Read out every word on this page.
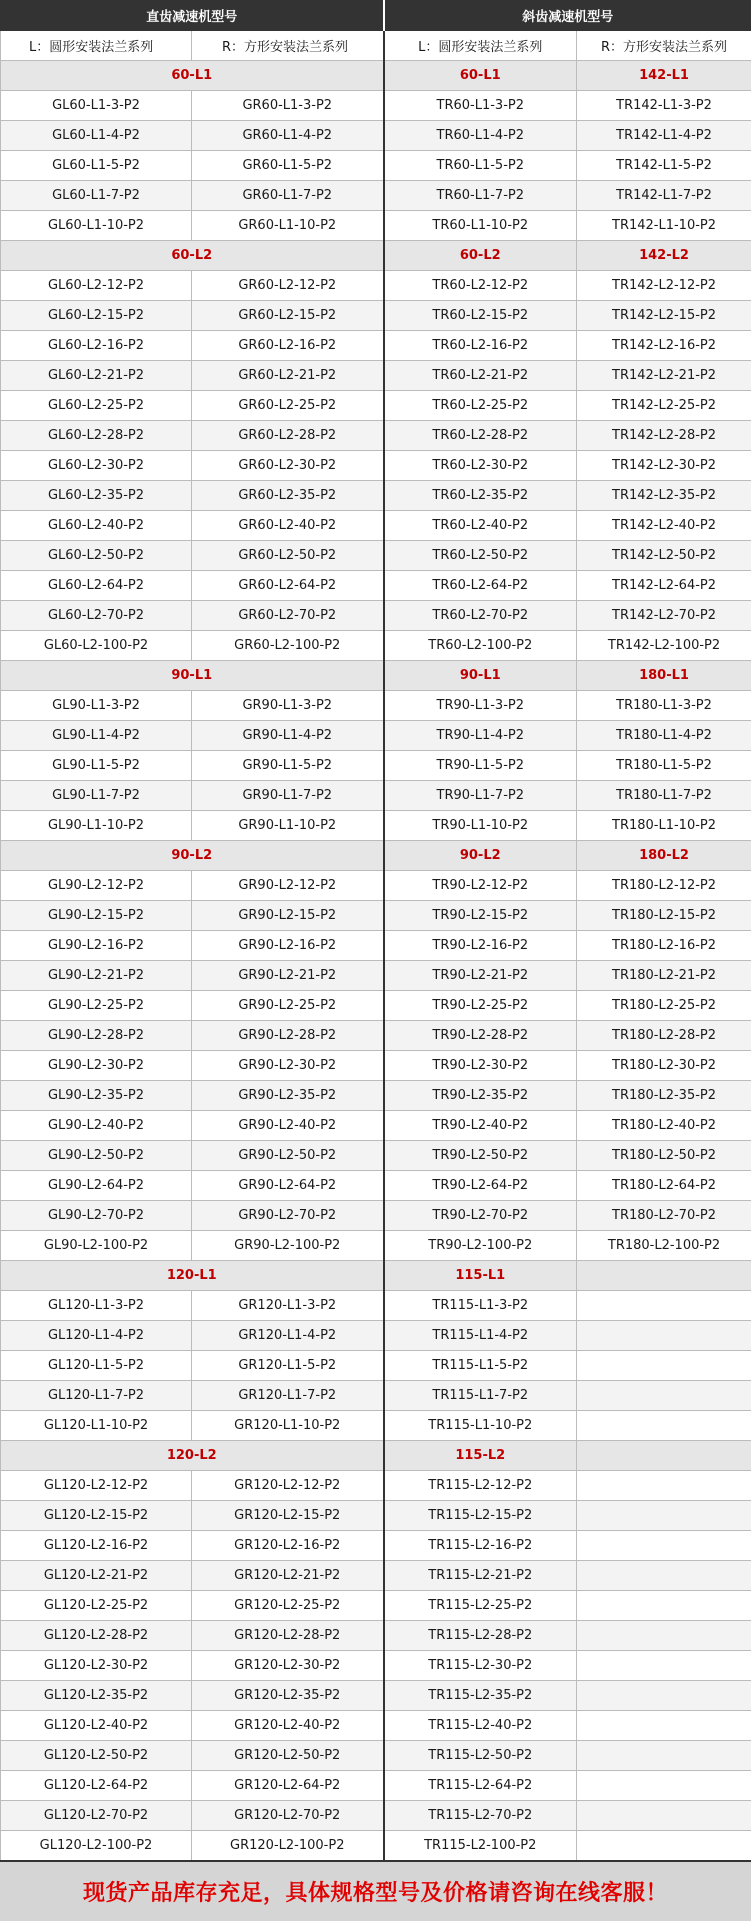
直齿减速机型号		斜齿减速机型号	
L：圆形安装法兰系列	R：方形安装法兰系列	L：圆形安装法兰系列	R：方形安装法兰系列
60-L1		60-L1	142-L1
GL60-L1-3-P2	GR60-L1-3-P2	TR60-L1-3-P2	TR142-L1-3-P2
GL60-L1-4-P2	GR60-L1-4-P2	TR60-L1-4-P2	TR142-L1-4-P2
GL60-L1-5-P2	GR60-L1-5-P2	TR60-L1-5-P2	TR142-L1-5-P2
GL60-L1-7-P2	GR60-L1-7-P2	TR60-L1-7-P2	TR142-L1-7-P2
GL60-L1-10-P2	GR60-L1-10-P2	TR60-L1-10-P2	TR142-L1-10-P2
60-L2		60-L2	142-L2
GL60-L2-12-P2	GR60-L2-12-P2	TR60-L2-12-P2	TR142-L2-12-P2
GL60-L2-15-P2	GR60-L2-15-P2	TR60-L2-15-P2	TR142-L2-15-P2
GL60-L2-16-P2	GR60-L2-16-P2	TR60-L2-16-P2	TR142-L2-16-P2
GL60-L2-21-P2	GR60-L2-21-P2	TR60-L2-21-P2	TR142-L2-21-P2
GL60-L2-25-P2	GR60-L2-25-P2	TR60-L2-25-P2	TR142-L2-25-P2
GL60-L2-28-P2	GR60-L2-28-P2	TR60-L2-28-P2	TR142-L2-28-P2
GL60-L2-30-P2	GR60-L2-30-P2	TR60-L2-30-P2	TR142-L2-30-P2
GL60-L2-35-P2	GR60-L2-35-P2	TR60-L2-35-P2	TR142-L2-35-P2
GL60-L2-40-P2	GR60-L2-40-P2	TR60-L2-40-P2	TR142-L2-40-P2
GL60-L2-50-P2	GR60-L2-50-P2	TR60-L2-50-P2	TR142-L2-50-P2
GL60-L2-64-P2	GR60-L2-64-P2	TR60-L2-64-P2	TR142-L2-64-P2
GL60-L2-70-P2	GR60-L2-70-P2	TR60-L2-70-P2	TR142-L2-70-P2
GL60-L2-100-P2	GR60-L2-100-P2	TR60-L2-100-P2	TR142-L2-100-P2
90-L1		90-L1	180-L1
GL90-L1-3-P2	GR90-L1-3-P2	TR90-L1-3-P2	TR180-L1-3-P2
GL90-L1-4-P2	GR90-L1-4-P2	TR90-L1-4-P2	TR180-L1-4-P2
GL90-L1-5-P2	GR90-L1-5-P2	TR90-L1-5-P2	TR180-L1-5-P2
GL90-L1-7-P2	GR90-L1-7-P2	TR90-L1-7-P2	TR180-L1-7-P2
GL90-L1-10-P2	GR90-L1-10-P2	TR90-L1-10-P2	TR180-L1-10-P2
90-L2		90-L2	180-L2
GL90-L2-12-P2	GR90-L2-12-P2	TR90-L2-12-P2	TR180-L2-12-P2
GL90-L2-15-P2	GR90-L2-15-P2	TR90-L2-15-P2	TR180-L2-15-P2
GL90-L2-16-P2	GR90-L2-16-P2	TR90-L2-16-P2	TR180-L2-16-P2
GL90-L2-21-P2	GR90-L2-21-P2	TR90-L2-21-P2	TR180-L2-21-P2
GL90-L2-25-P2	GR90-L2-25-P2	TR90-L2-25-P2	TR180-L2-25-P2
GL90-L2-28-P2	GR90-L2-28-P2	TR90-L2-28-P2	TR180-L2-28-P2
GL90-L2-30-P2	GR90-L2-30-P2	TR90-L2-30-P2	TR180-L2-30-P2
GL90-L2-35-P2	GR90-L2-35-P2	TR90-L2-35-P2	TR180-L2-35-P2
GL90-L2-40-P2	GR90-L2-40-P2	TR90-L2-40-P2	TR180-L2-40-P2
GL90-L2-50-P2	GR90-L2-50-P2	TR90-L2-50-P2	TR180-L2-50-P2
GL90-L2-64-P2	GR90-L2-64-P2	TR90-L2-64-P2	TR180-L2-64-P2
GL90-L2-70-P2	GR90-L2-70-P2	TR90-L2-70-P2	TR180-L2-70-P2
GL90-L2-100-P2	GR90-L2-100-P2	TR90-L2-100-P2	TR180-L2-100-P2
120-L1		115-L1	
GL120-L1-3-P2	GR120-L1-3-P2	TR115-L1-3-P2	
GL120-L1-4-P2	GR120-L1-4-P2	TR115-L1-4-P2	
GL120-L1-5-P2	GR120-L1-5-P2	TR115-L1-5-P2	
GL120-L1-7-P2	GR120-L1-7-P2	TR115-L1-7-P2	
GL120-L1-10-P2	GR120-L1-10-P2	TR115-L1-10-P2	
120-L2		115-L2	
GL120-L2-12-P2	GR120-L2-12-P2	TR115-L2-12-P2	
GL120-L2-15-P2	GR120-L2-15-P2	TR115-L2-15-P2	
GL120-L2-16-P2	GR120-L2-16-P2	TR115-L2-16-P2	
GL120-L2-21-P2	GR120-L2-21-P2	TR115-L2-21-P2	
GL120-L2-25-P2	GR120-L2-25-P2	TR115-L2-25-P2	
GL120-L2-28-P2	GR120-L2-28-P2	TR115-L2-28-P2	
GL120-L2-30-P2	GR120-L2-30-P2	TR115-L2-30-P2	
GL120-L2-35-P2	GR120-L2-35-P2	TR115-L2-35-P2	
GL120-L2-40-P2	GR120-L2-40-P2	TR115-L2-40-P2	
GL120-L2-50-P2	GR120-L2-50-P2	TR115-L2-50-P2	
GL120-L2-64-P2	GR120-L2-64-P2	TR115-L2-64-P2	
GL120-L2-70-P2	GR120-L2-70-P2	TR115-L2-70-P2	
GL120-L2-100-P2	GR120-L2-100-P2	TR115-L2-100-P2	
现货产品库存充足，具体规格型号及价格请咨询在线客服！
